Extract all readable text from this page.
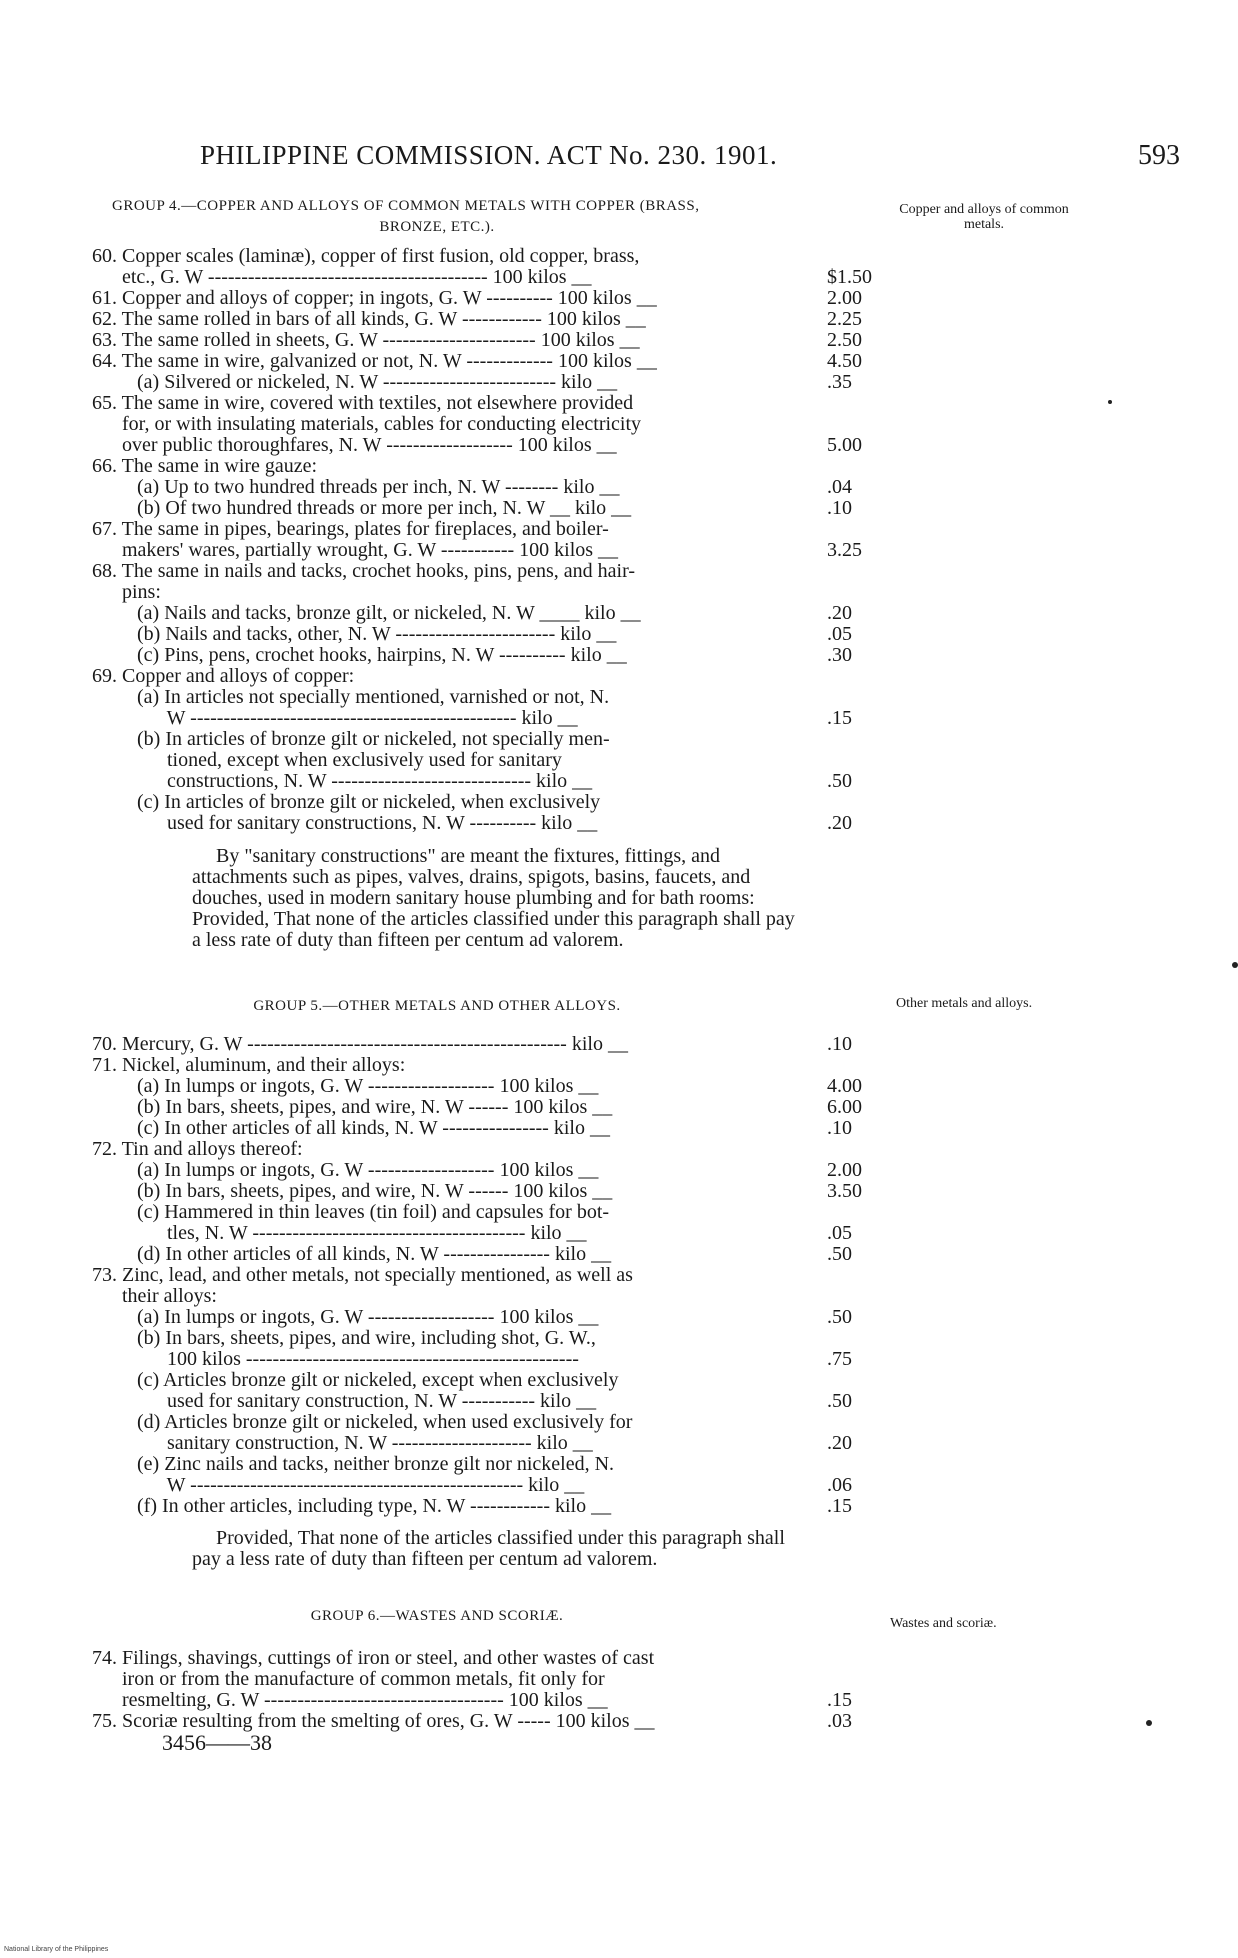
PHILIPPINE COMMISSION. ACT No. 230. 1901.	593
Copper and alloys of common metals.
GROUP 4.—COPPER AND ALLOYS OF COMMON METALS WITH COPPER (BRASS,
BRONZE, ETC.).
60. Copper scales (laminæ), copper of first fusion, old copper, brass,
etc., G. W ------------------------------------------ 100 kilos __	$1.50
61. Copper and alloys of copper; in ingots, G. W ---------- 100 kilos __	2.00
62. The same rolled in bars of all kinds, G. W ------------ 100 kilos __	2.25
63. The same rolled in sheets, G. W ----------------------- 100 kilos __	2.50
64. The same in wire, galvanized or not, N. W ------------- 100 kilos __	4.50
(a) Silvered or nickeled, N. W -------------------------- kilo __	.35
65. The same in wire, covered with textiles, not elsewhere provided
for, or with insulating materials, cables for conducting electricity
over public thoroughfares, N. W ------------------- 100 kilos __	5.00
66. The same in wire gauze:
(a) Up to two hundred threads per inch, N. W -------- kilo __	.04
(b) Of two hundred threads or more per inch, N. W __ kilo __	.10
67. The same in pipes, bearings, plates for fireplaces, and boiler-
makers' wares, partially wrought, G. W ----------- 100 kilos __	3.25
68. The same in nails and tacks, crochet hooks, pins, pens, and hair-
pins:
(a) Nails and tacks, bronze gilt, or nickeled, N. W ____ kilo __	.20
(b) Nails and tacks, other, N. W ------------------------ kilo __	.05
(c) Pins, pens, crochet hooks, hairpins, N. W ---------- kilo __	.30
69. Copper and alloys of copper:
(a) In articles not specially mentioned, varnished or not, N.
W ------------------------------------------------- kilo __	.15
(b) In articles of bronze gilt or nickeled, not specially men-
tioned, except when exclusively used for sanitary
constructions, N. W ------------------------------ kilo __	.50
(c) In articles of bronze gilt or nickeled, when exclusively
used for sanitary constructions, N. W ---------- kilo __	.20
By "sanitary constructions" are meant the fixtures, fittings, and attachments such as pipes, valves, drains, spigots, basins, faucets, and douches, used in modern sanitary house plumbing and for bath rooms: Provided, That none of the articles classified under this paragraph shall pay a less rate of duty than fifteen per centum ad valorem.
GROUP 5.—OTHER METALS AND OTHER ALLOYS.	Other metals and alloys.
70. Mercury, G. W ------------------------------------------------ kilo __	.10
71. Nickel, aluminum, and their alloys:
(a) In lumps or ingots, G. W ------------------- 100 kilos __	4.00
(b) In bars, sheets, pipes, and wire, N. W ------ 100 kilos __	6.00
(c) In other articles of all kinds, N. W ---------------- kilo __	.10
72. Tin and alloys thereof:
(a) In lumps or ingots, G. W ------------------- 100 kilos __	2.00
(b) In bars, sheets, pipes, and wire, N. W ------ 100 kilos __	3.50
(c) Hammered in thin leaves (tin foil) and capsules for bot-
tles, N. W ----------------------------------------- kilo __	.05
(d) In other articles of all kinds, N. W ---------------- kilo __	.50
73. Zinc, lead, and other metals, not specially mentioned, as well as
their alloys:
(a) In lumps or ingots, G. W ------------------- 100 kilos __	.50
(b) In bars, sheets, pipes, and wire, including shot, G. W.,
100 kilos --------------------------------------------------	.75
(c) Articles bronze gilt or nickeled, except when exclusively
used for sanitary construction, N. W ----------- kilo __	.50
(d) Articles bronze gilt or nickeled, when used exclusively for
sanitary construction, N. W --------------------- kilo __	.20
(e) Zinc nails and tacks, neither bronze gilt nor nickeled, N.
W -------------------------------------------------- kilo __	.06
(f) In other articles, including type, N. W ------------ kilo __	.15
Provided, That none of the articles classified under this paragraph shall pay a less rate of duty than fifteen per centum ad valorem.
GROUP 6.—WASTES AND SCORIÆ.	Wastes and scoriæ.
74. Filings, shavings, cuttings of iron or steel, and other wastes of cast
iron or from the manufacture of common metals, fit only for
resmelting, G. W ------------------------------------ 100 kilos __	.15
75. Scoriæ resulting from the smelting of ores, G. W ----- 100 kilos __	.03
3456——38
National Library of the Philippines
